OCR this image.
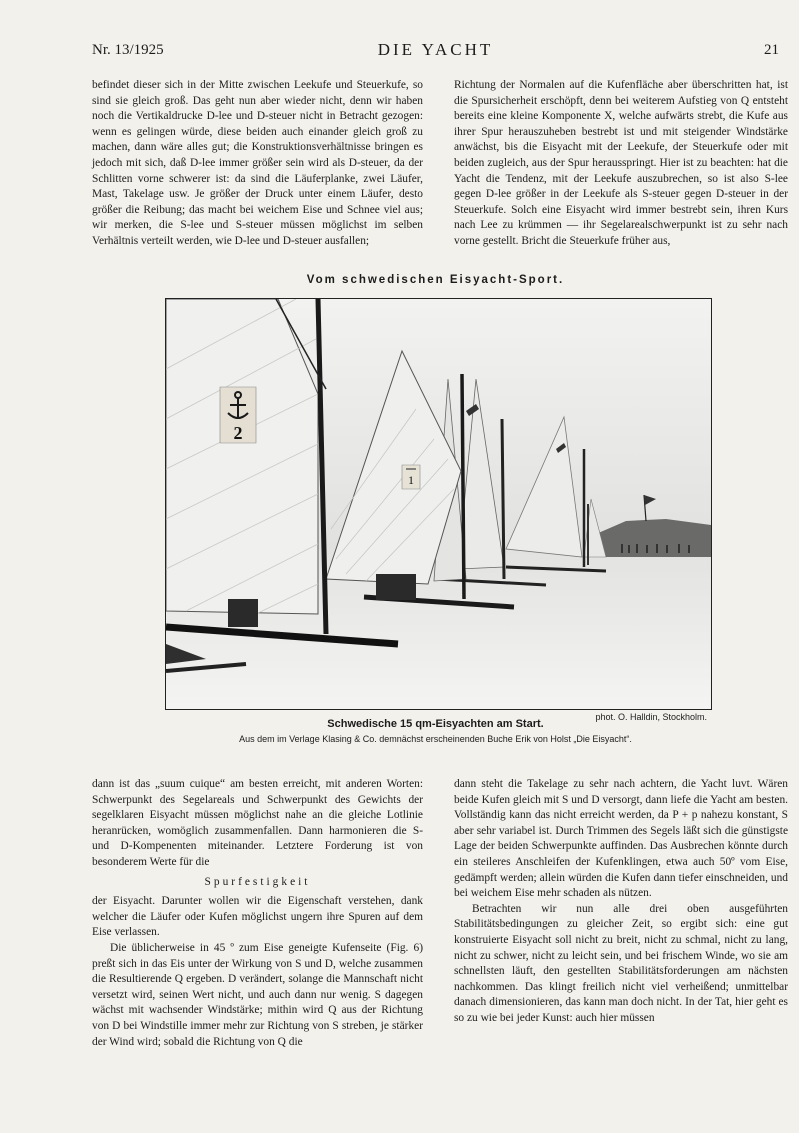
Nr. 13/1925	DIE YACHT	21

befindet dieser sich in der Mitte zwischen Leekufe und Steuerkufe, so sind sie gleich groß. Das geht nun aber wieder nicht, denn wir haben noch die Vertikaldrucke D-lee und D-steuer nicht in Betracht gezogen: wenn es gelingen würde, diese beiden auch einander gleich groß zu machen, dann wäre alles gut; die Konstruktionsverhältnisse bringen es jedoch mit sich, daß D-lee immer größer sein wird als D-steuer, da der Schlitten vorne schwerer ist: da sind die Läuferplanke, zwei Läufer, Mast, Takelage usw. Je größer der Druck unter einem Läufer, desto größer die Reibung; das macht bei weichem Eise und Schnee viel aus; wir merken, die S-lee und S-steuer müssen möglichst im selben Verhältnis verteilt werden, wie D-lee und D-steuer ausfallen;

Richtung der Normalen auf die Kufenfläche aber überschritten hat, ist die Spursicherheit erschöpft, denn bei weiterem Aufstieg von Q entsteht bereits eine kleine Komponente X, welche aufwärts strebt, die Kufe aus ihrer Spur herauszuheben bestrebt ist und mit steigender Windstärke anwächst, bis die Eisyacht mit der Leekufe, der Steuerkufe oder mit beiden zugleich, aus der Spur herausspringt. Hier ist zu beachten: hat die Yacht die Tendenz, mit der Leekufe auszubrechen, so ist also S-lee gegen D-lee größer in der Leekufe als S-steuer gegen D-steuer in der Steuerkufe. Solch eine Eisyacht wird immer bestrebt sein, ihren Kurs nach Lee zu krümmen — ihr Segelarealschwerpunkt ist zu sehr nach vorne gestellt. Bricht die Steuerkufe früher aus,

Vom schwedischen Eisyacht-Sport.
1
2
phot. O. Halldin, Stockholm.
Schwedische 15 qm-Eisyachten am Start.
Aus dem im Verlage Klasing & Co. demnächst erscheinenden Buche Erik von Holst „Die Eisyacht“.

dann ist das „suum cuique“ am besten erreicht, mit anderen Worten: Schwerpunkt des Segelareals und Schwerpunkt des Gewichts der segelklaren Eisyacht müssen möglichst nahe an die gleiche Lotlinie heranrücken, womöglich zusammenfallen. Dann harmonieren die S- und D-Kompenenten miteinander. Letztere Forderung ist von besonderem Werte für die

Spurfestigkeit

der Eisyacht. Darunter wollen wir die Eigenschaft verstehen, dank welcher die Läufer oder Kufen möglichst ungern ihre Spuren auf dem Eise verlassen.

Die üblicherweise in 45 º zum Eise geneigte Kufenseite (Fig. 6) preßt sich in das Eis unter der Wirkung von S und D, welche zusammen die Resultierende Q ergeben. D verändert, solange die Mannschaft nicht versetzt wird, seinen Wert nicht, und auch dann nur wenig. S dagegen wächst mit wachsender Windstärke; mithin wird Q aus der Richtung von D bei Windstille immer mehr zur Richtung von S streben, je stärker der Wind wird; sobald die Richtung von Q die

dann steht die Takelage zu sehr nach achtern, die Yacht luvt. Wären beide Kufen gleich mit S und D versorgt, dann liefe die Yacht am besten. Vollständig kann das nicht erreicht werden, da P + p nahezu konstant, S aber sehr variabel ist. Durch Trimmen des Segels läßt sich die günstigste Lage der beiden Schwerpunkte auffinden. Das Ausbrechen könnte durch ein steileres Anschleifen der Kufenklingen, etwa auch 50º vom Eise, gedämpft werden; allein würden die Kufen dann tiefer einschneiden, und bei weichem Eise mehr schaden als nützen.

Betrachten wir nun alle drei oben ausgeführten Stabilitätsbedingungen zu gleicher Zeit, so ergibt sich: eine gut konstruierte Eisyacht soll nicht zu breit, nicht zu schmal, nicht zu lang, nicht zu schwer, nicht zu leicht sein, und bei frischem Winde, wo sie am schnellsten läuft, den gestellten Stabilitätsforderungen am nächsten nachkommen. Das klingt freilich nicht viel verheißend; unmittelbar danach dimensionieren, das kann man doch nicht. In der Tat, hier geht es so zu wie bei jeder Kunst: auch hier müssen
